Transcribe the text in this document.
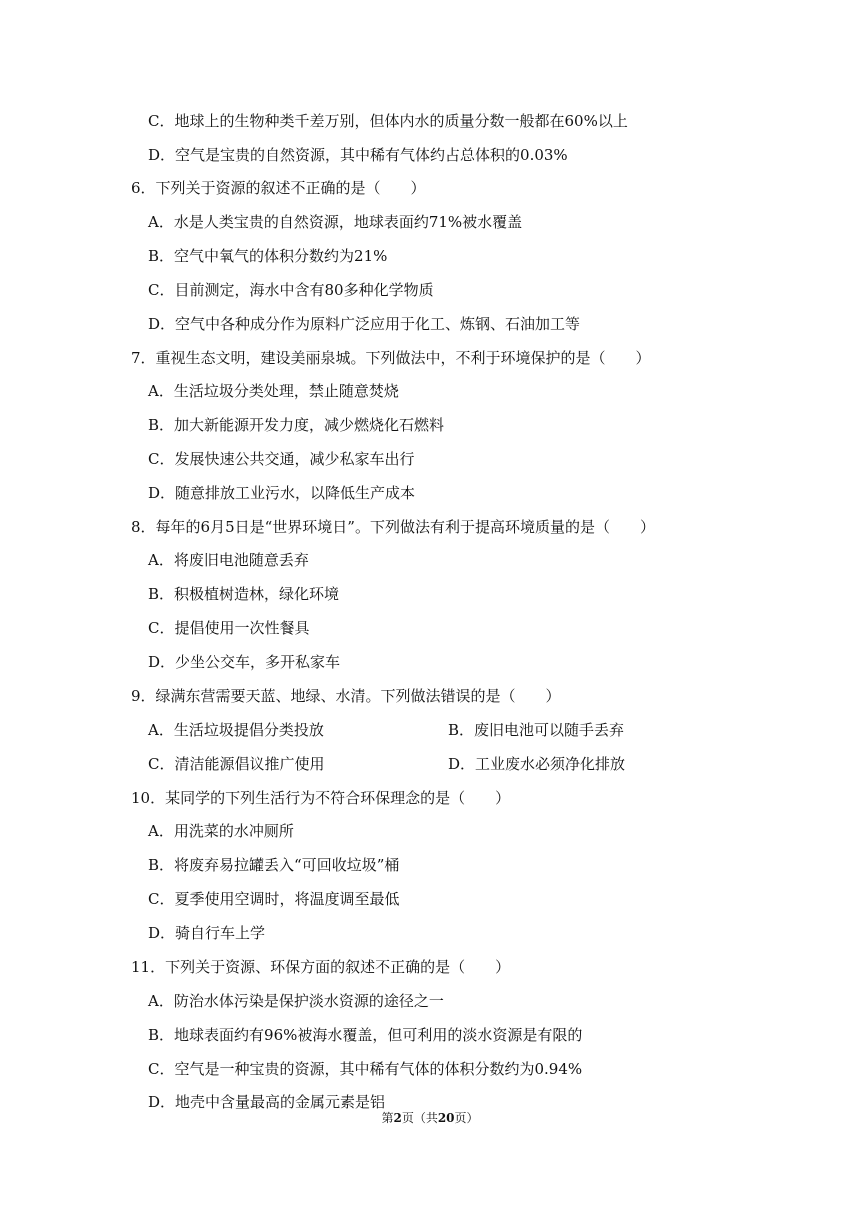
C．地球上的生物种类千差万别，但体内水的质量分数一般都在60%以上
D．空气是宝贵的自然资源，其中稀有气体约占总体积的0.03%
6．下列关于资源的叙述不正确的是（　　）
A．水是人类宝贵的自然资源，地球表面约71%被水覆盖
B．空气中氧气的体积分数约为21%
C．目前测定，海水中含有80多种化学物质
D．空气中各种成分作为原料广泛应用于化工、炼钢、石油加工等
7．重视生态文明，建设美丽泉城。下列做法中，不利于环境保护的是（　　）
A．生活垃圾分类处理，禁止随意焚烧
B．加大新能源开发力度，减少燃烧化石燃料
C．发展快速公共交通，减少私家车出行
D．随意排放工业污水，以降低生产成本
8．每年的6月5日是“世界环境日”。下列做法有利于提高环境质量的是（　　）
A．将废旧电池随意丢弃
B．积极植树造林，绿化环境
C．提倡使用一次性餐具
D．少坐公交车，多开私家车
9．绿满东营需要天蓝、地绿、水清。下列做法错误的是（　　）
A．生活垃圾提倡分类投放	B．废旧电池可以随手丢弃
C．清洁能源倡议推广使用	D．工业废水必须净化排放
10．某同学的下列生活行为不符合环保理念的是（　　）
A．用洗菜的水冲厕所
B．将废弃易拉罐丢入“可回收垃圾”桶
C．夏季使用空调时，将温度调至最低
D．骑自行车上学
11．下列关于资源、环保方面的叙述不正确的是（　　）
A．防治水体污染是保护淡水资源的途径之一
B．地球表面约有96%被海水覆盖，但可利用的淡水资源是有限的
C．空气是一种宝贵的资源，其中稀有气体的体积分数约为0.94%
D．地壳中含量最高的金属元素是铝
第2页（共20页）
